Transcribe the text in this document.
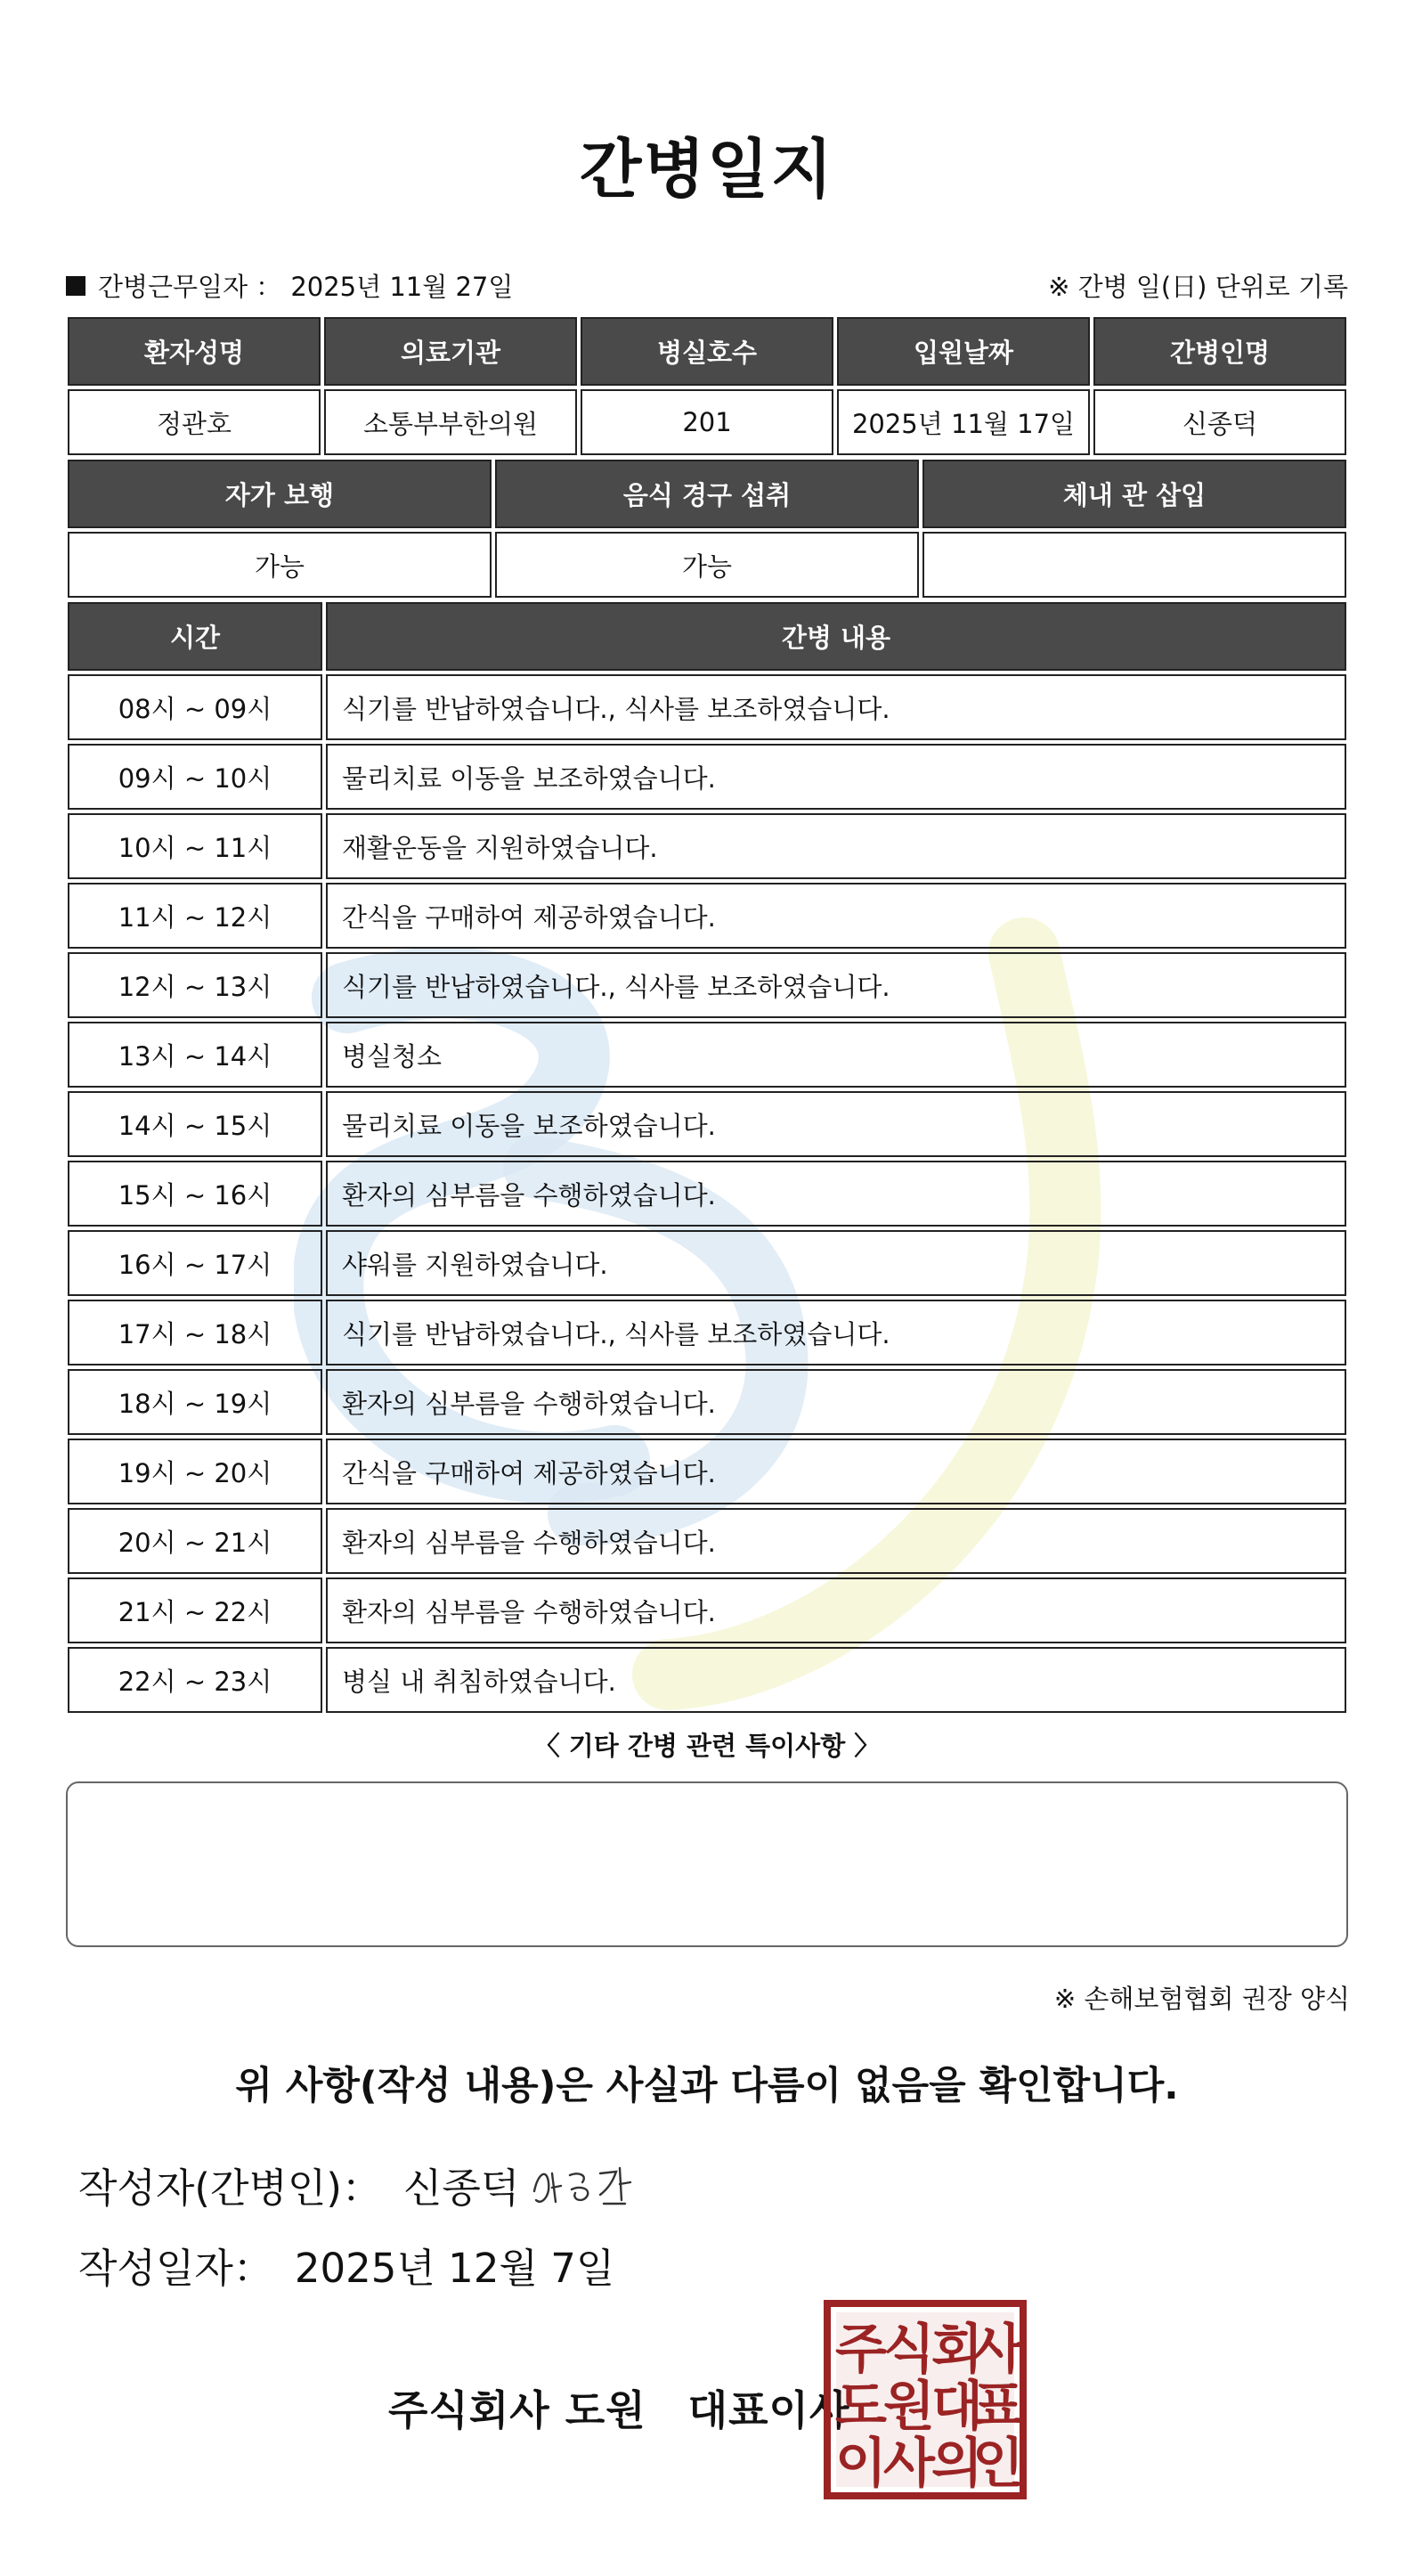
간병일지
간병근무일자 ： 2025년 11월 27일	※ 간병 일(日) 단위로 기록
환자성명	의료기관	병실호수	입원날짜	간병인명
정관호	소통부부한의원	201	2025년 11월 17일	신종덕
자가 보행	음식 경구 섭취	체내 관 삽입
가능	가능	
시간	간병 내용
08시 ~ 09시	식기를 반납하였습니다., 식사를 보조하였습니다.
09시 ~ 10시	물리치료 이동을 보조하였습니다.
10시 ~ 11시	재활운동을 지원하였습니다.
11시 ~ 12시	간식을 구매하여 제공하였습니다.
12시 ~ 13시	식기를 반납하였습니다., 식사를 보조하였습니다.
13시 ~ 14시	병실청소
14시 ~ 15시	물리치료 이동을 보조하였습니다.
15시 ~ 16시	환자의 심부름을 수행하였습니다.
16시 ~ 17시	샤워를 지원하였습니다.
17시 ~ 18시	식기를 반납하였습니다., 식사를 보조하였습니다.
18시 ~ 19시	환자의 심부름을 수행하였습니다.
19시 ~ 20시	간식을 구매하여 제공하였습니다.
20시 ~ 21시	환자의 심부름을 수행하였습니다.
21시 ~ 22시	환자의 심부름을 수행하였습니다.
22시 ~ 23시	병실 내 취침하였습니다.
〈 기타 간병 관련 특이사항 〉
※ 손해보험협회 권장 양식
위 사항(작성 내용)은 사실과 다름이 없음을 확인합니다.
작성자(간병인)： 신종덕
작성일자： 2025년 12월 7일
주식회사 도원 대표이사
주
식
회
사
도
원
대
표
이
사
의
인
